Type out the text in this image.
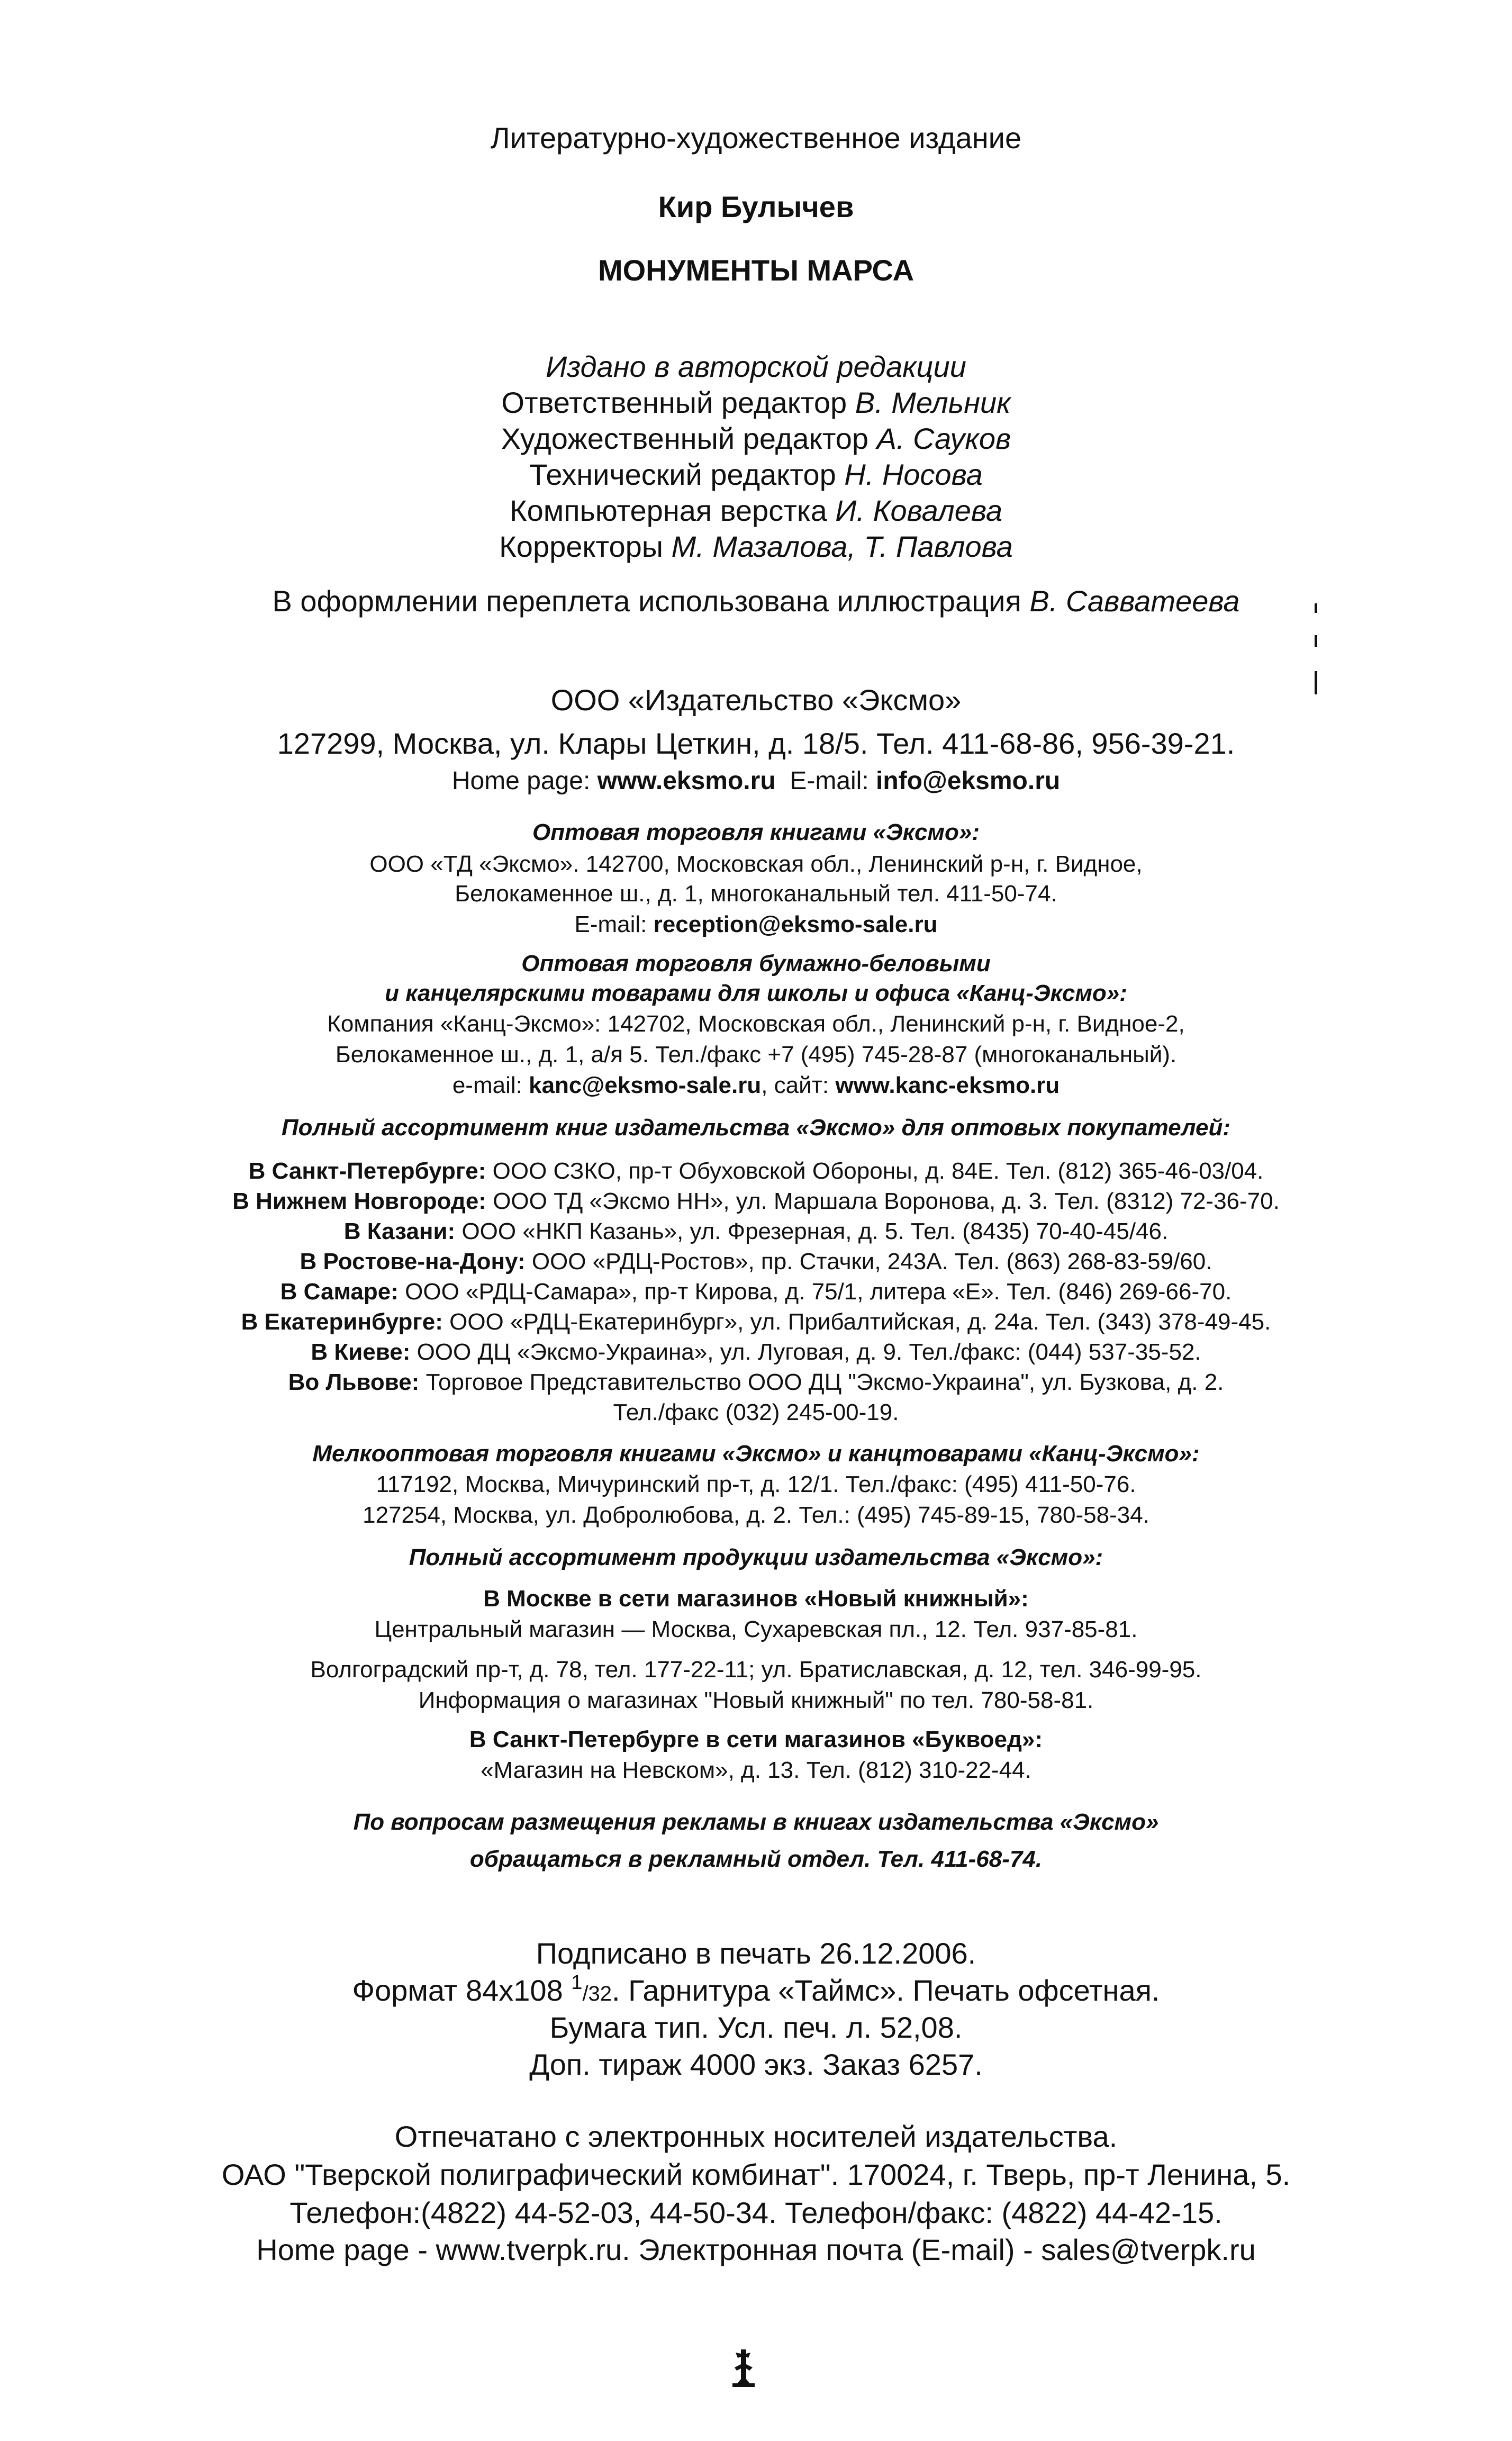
Литературно-художественное издание
Кир Булычев
МОНУМЕНТЫ МАРСА
Издано в авторской редакции
Ответственный редактор В. Мельник
Художественный редактор А. Сауков
Технический редактор Н. Носова
Компьютерная верстка И. Ковалева
Корректоры М. Мазалова, Т. Павлова
В оформлении переплета использована иллюстрация В. Савватеева
ООО «Издательство «Эксмо»
127299, Москва, ул. Клары Цеткин, д. 18/5. Тел. 411-68-86, 956-39-21.
Home page: www.eksmo.ru E-mail: info@eksmo.ru
Оптовая торговля книгами «Эксмо»:
ООО «ТД «Эксмо». 142700, Московская обл., Ленинский р-н, г. Видное,
Белокаменное ш., д. 1, многоканальный тел. 411-50-74.
E-mail: reception@eksmo-sale.ru
Оптовая торговля бумажно-беловыми
и канцелярскими товарами для школы и офиса «Канц-Эксмо»:
Компания «Канц-Эксмо»: 142702, Московская обл., Ленинский р-н, г. Видное-2,
Белокаменное ш., д. 1, а/я 5. Тел./факс +7 (495) 745-28-87 (многоканальный).
e-mail: kanc@eksmo-sale.ru, сайт: www.kanc-eksmo.ru
Полный ассортимент книг издательства «Эксмо» для оптовых покупателей:
В Санкт-Петербурге: ООО СЗКО, пр-т Обуховской Обороны, д. 84Е. Тел. (812) 365-46-03/04.
В Нижнем Новгороде: ООО ТД «Эксмо НН», ул. Маршала Воронова, д. 3. Тел. (8312) 72-36-70.
В Казани: ООО «НКП Казань», ул. Фрезерная, д. 5. Тел. (8435) 70-40-45/46.
В Ростове-на-Дону: ООО «РДЦ-Ростов», пр. Стачки, 243А. Тел. (863) 268-83-59/60.
В Самаре: ООО «РДЦ-Самара», пр-т Кирова, д. 75/1, литера «Е». Тел. (846) 269-66-70.
В Екатеринбурге: ООО «РДЦ-Екатеринбург», ул. Прибалтийская, д. 24а. Тел. (343) 378-49-45.
В Киеве: ООО ДЦ «Эксмо-Украина», ул. Луговая, д. 9. Тел./факс: (044) 537-35-52.
Во Львове: Торговое Представительство ООО ДЦ "Эксмо-Украина", ул. Бузкова, д. 2.
Тел./факс (032) 245-00-19.
Мелкооптовая торговля книгами «Эксмо» и канцтоварами «Канц-Эксмо»:
117192, Москва, Мичуринский пр-т, д. 12/1. Тел./факс: (495) 411-50-76.
127254, Москва, ул. Добролюбова, д. 2. Тел.: (495) 745-89-15, 780-58-34.
Полный ассортимент продукции издательства «Эксмо»:
В Москве в сети магазинов «Новый книжный»:
Центральный магазин — Москва, Сухаревская пл., 12. Тел. 937-85-81.
Волгоградский пр-т, д. 78, тел. 177-22-11; ул. Братиславская, д. 12, тел. 346-99-95.
Информация о магазинах "Новый книжный" по тел. 780-58-81.
В Санкт-Петербурге в сети магазинов «Буквоед»:
«Магазин на Невском», д. 13. Тел. (812) 310-22-44.
По вопросам размещения рекламы в книгах издательства «Эксмо»
обращаться в рекламный отдел. Тел. 411-68-74.
Подписано в печать 26.12.2006.
Формат 84х108 $^1$/32. Гарнитура «Таймс». Печать офсетная.
Бумага тип. Усл. печ. л. 52,08.
Доп. тираж 4000 экз. Заказ 6257.
Отпечатано с электронных носителей издательства.
ОАО "Тверской полиграфический комбинат". 170024, г. Тверь, пр-т Ленина, 5.
Телефон:(4822) 44-52-03, 44-50-34. Телефон/факс: (4822) 44-42-15.
Home page - www.tverpk.ru. Электронная почта (E-mail) - sales@tverpk.ru
